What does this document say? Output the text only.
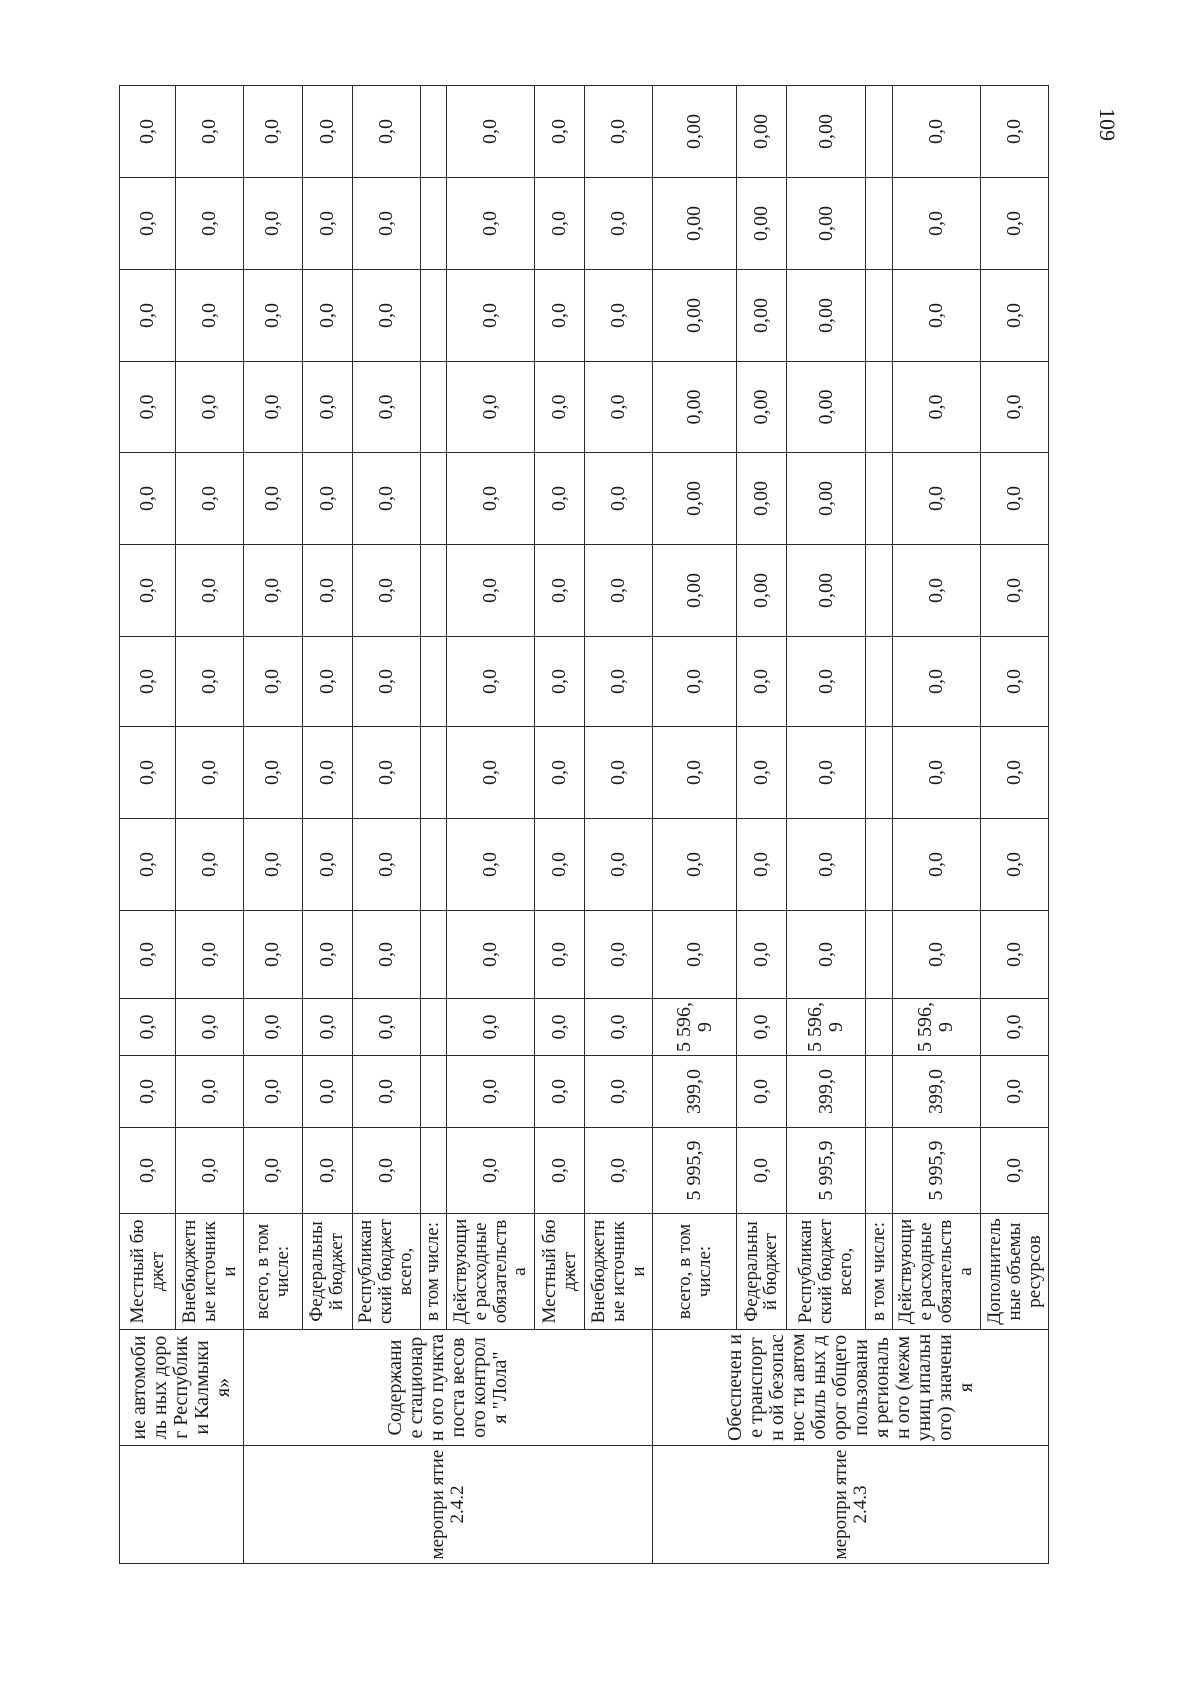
	ие автомобиль ных дорог Республики Калмыкия»	Местный бюджет	0,0	0,0	0,0	0,0	0,0	0,0	0,0	0,0	0,0	0,0	0,0	0,0	0,0
		Внебюджетн ые источники	0,0	0,0	0,0	0,0	0,0	0,0	0,0	0,0	0,0	0,0	0,0	0,0	0,0
меропри ятие 2.4.2	Содержани е стационарн ого пункта поста весового контроля "Лола"	всего, в том числе:	0,0	0,0	0,0	0,0	0,0	0,0	0,0	0,0	0,0	0,0	0,0	0,0	0,0
		Федеральный бюджет	0,0	0,0	0,0	0,0	0,0	0,0	0,0	0,0	0,0	0,0	0,0	0,0	0,0
		Республикан ский бюджет всего,	0,0	0,0	0,0	0,0	0,0	0,0	0,0	0,0	0,0	0,0	0,0	0,0	0,0
		в том числе:													
		Действующи е расходные обязательств а	0,0	0,0	0,0	0,0	0,0	0,0	0,0	0,0	0,0	0,0	0,0	0,0	0,0
		Местный бюджет	0,0	0,0	0,0	0,0	0,0	0,0	0,0	0,0	0,0	0,0	0,0	0,0	0,0
		Внебюджетн ые источники	0,0	0,0	0,0	0,0	0,0	0,0	0,0	0,0	0,0	0,0	0,0	0,0	0,0
меропри ятие 2.4.3	Обеспечен ие транспортн ой безопаснос ти автомобиль ных дорог общего пользовани я региональн ого (межмуниц ипального) значения	всего, в том числе:	5 995,9	399,0	5 596,9	0,0	0,0	0,0	0,0	0,00	0,00	0,00	0,00	0,00	0,00
		Федеральный бюджет	0,0	0,0	0,0	0,0	0,0	0,0	0,0	0,00	0,00	0,00	0,00	0,00	0,00
		Республикан ский бюджет всего,	5 995,9	399,0	5 596,9	0,0	0,0	0,0	0,0	0,00	0,00	0,00	0,00	0,00	0,00
		в том числе:													
		Действующи е расходные обязательств а	5 995,9	399,0	5 596,9	0,0	0,0	0,0	0,0	0,0	0,0	0,0	0,0	0,0	0,0
		Дополнитель ные объемы ресурсов	0,0	0,0	0,0	0,0	0,0	0,0	0,0	0,0	0,0	0,0	0,0	0,0	0,0	109
